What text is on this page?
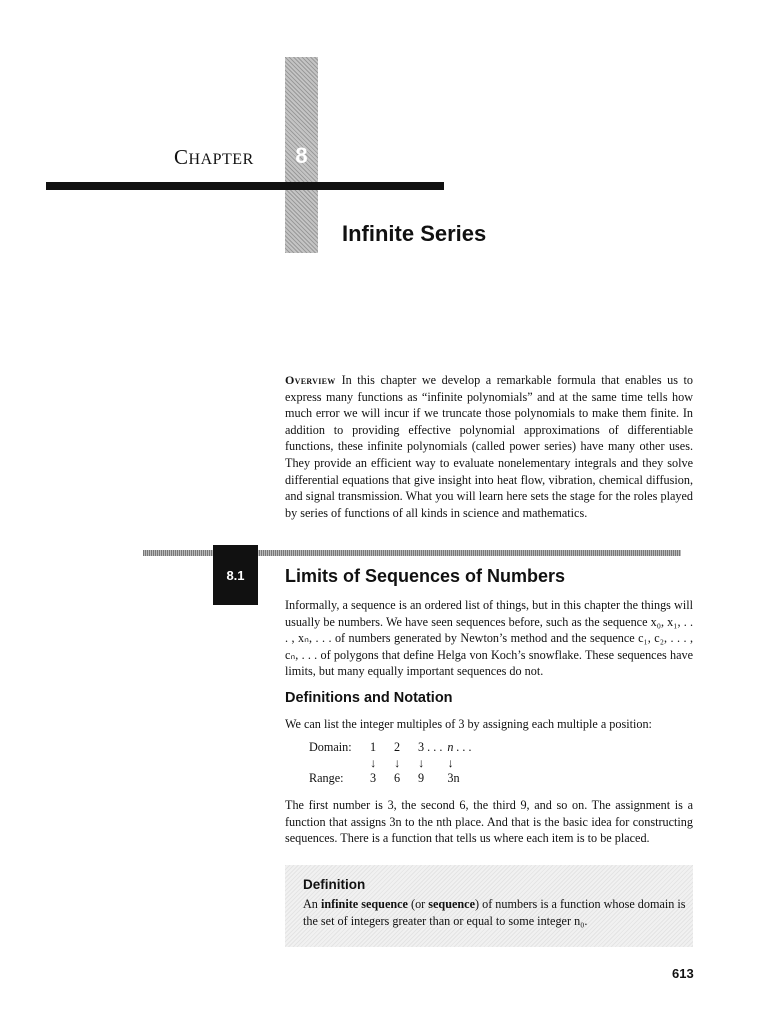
CHAPTER	8
Infinite Series
Overview In this chapter we develop a remarkable formula that enables us to express many functions as “infinite polynomials” and at the same time tells how much error we will incur if we truncate those polynomials to make them finite. In addition to providing effective polynomial approximations of differentiable functions, these infinite polynomials (called power series) have many other uses. They provide an efficient way to evaluate nonelementary integrals and they solve differential equations that give insight into heat flow, vibration, chemical diffusion, and signal transmission. What you will learn here sets the stage for the roles played by series of functions of all kinds in science and mathematics.
8.1	Limits of Sequences of Numbers
Informally, a sequence is an ordered list of things, but in this chapter the things will usually be numbers. We have seen sequences before, such as the sequence x₀, x₁, . . . , xₙ, . . . of numbers generated by Newton’s method and the sequence c₁, c₂, . . . , cₙ, . . . of polygons that define Helga von Koch’s snowflake. These sequences have limits, but many equally important sequences do not.
Definitions and Notation
We can list the integer multiples of 3 by assigning each multiple a position:
Domain:	1	2	3 . . .	n . . .
	↓	↓	↓	↓
Range:	3	6	9	3n
The first number is 3, the second 6, the third 9, and so on. The assignment is a function that assigns 3n to the nth place. And that is the basic idea for constructing sequences. There is a function that tells us where each item is to be placed.
Definition
An infinite sequence (or sequence) of numbers is a function whose domain is the set of integers greater than or equal to some integer n₀.
613
